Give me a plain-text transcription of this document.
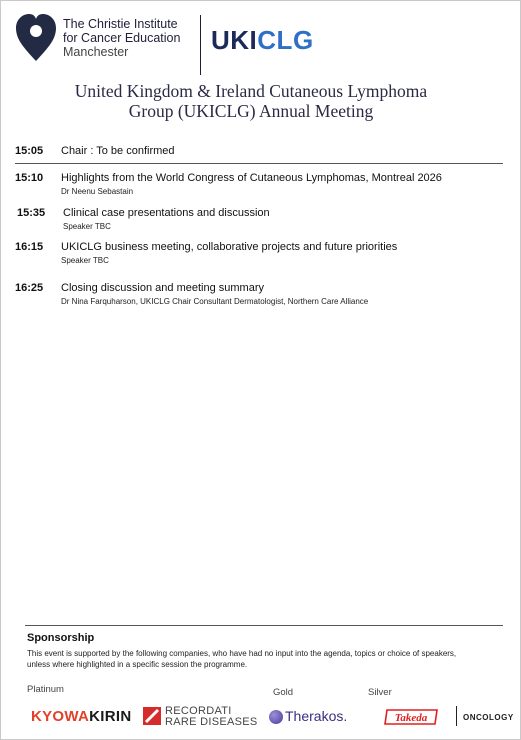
The Christie Institute
for Cancer Education
Manchester	UKICLG
United Kingdom & Ireland Cutaneous Lymphoma
Group (UKICLG) Annual Meeting
15:05 Chair : To be confirmed
15:10 Highlights from the World Congress of Cutaneous Lymphomas, Montreal 2026
Dr Neenu Sebastain
15:35 Clinical case presentations and discussion
Speaker TBC
16:15 UKICLG business meeting, collaborative projects and future priorities
Speaker TBC
16:25 Closing discussion and meeting summary
Dr Nina Farquharson, UKICLG Chair Consultant Dermatologist, Northern Care Alliance
Sponsorship
This event is supported by the following companies, who have had no input into the agenda, topics or choice of speakers,
unless where highlighted in a specific session the programme.
Platinum	Gold	Silver
KYOWAKIRIN	RECORDATI
RARE DISEASES Therakos.	Takeda	ONCOLOGY
